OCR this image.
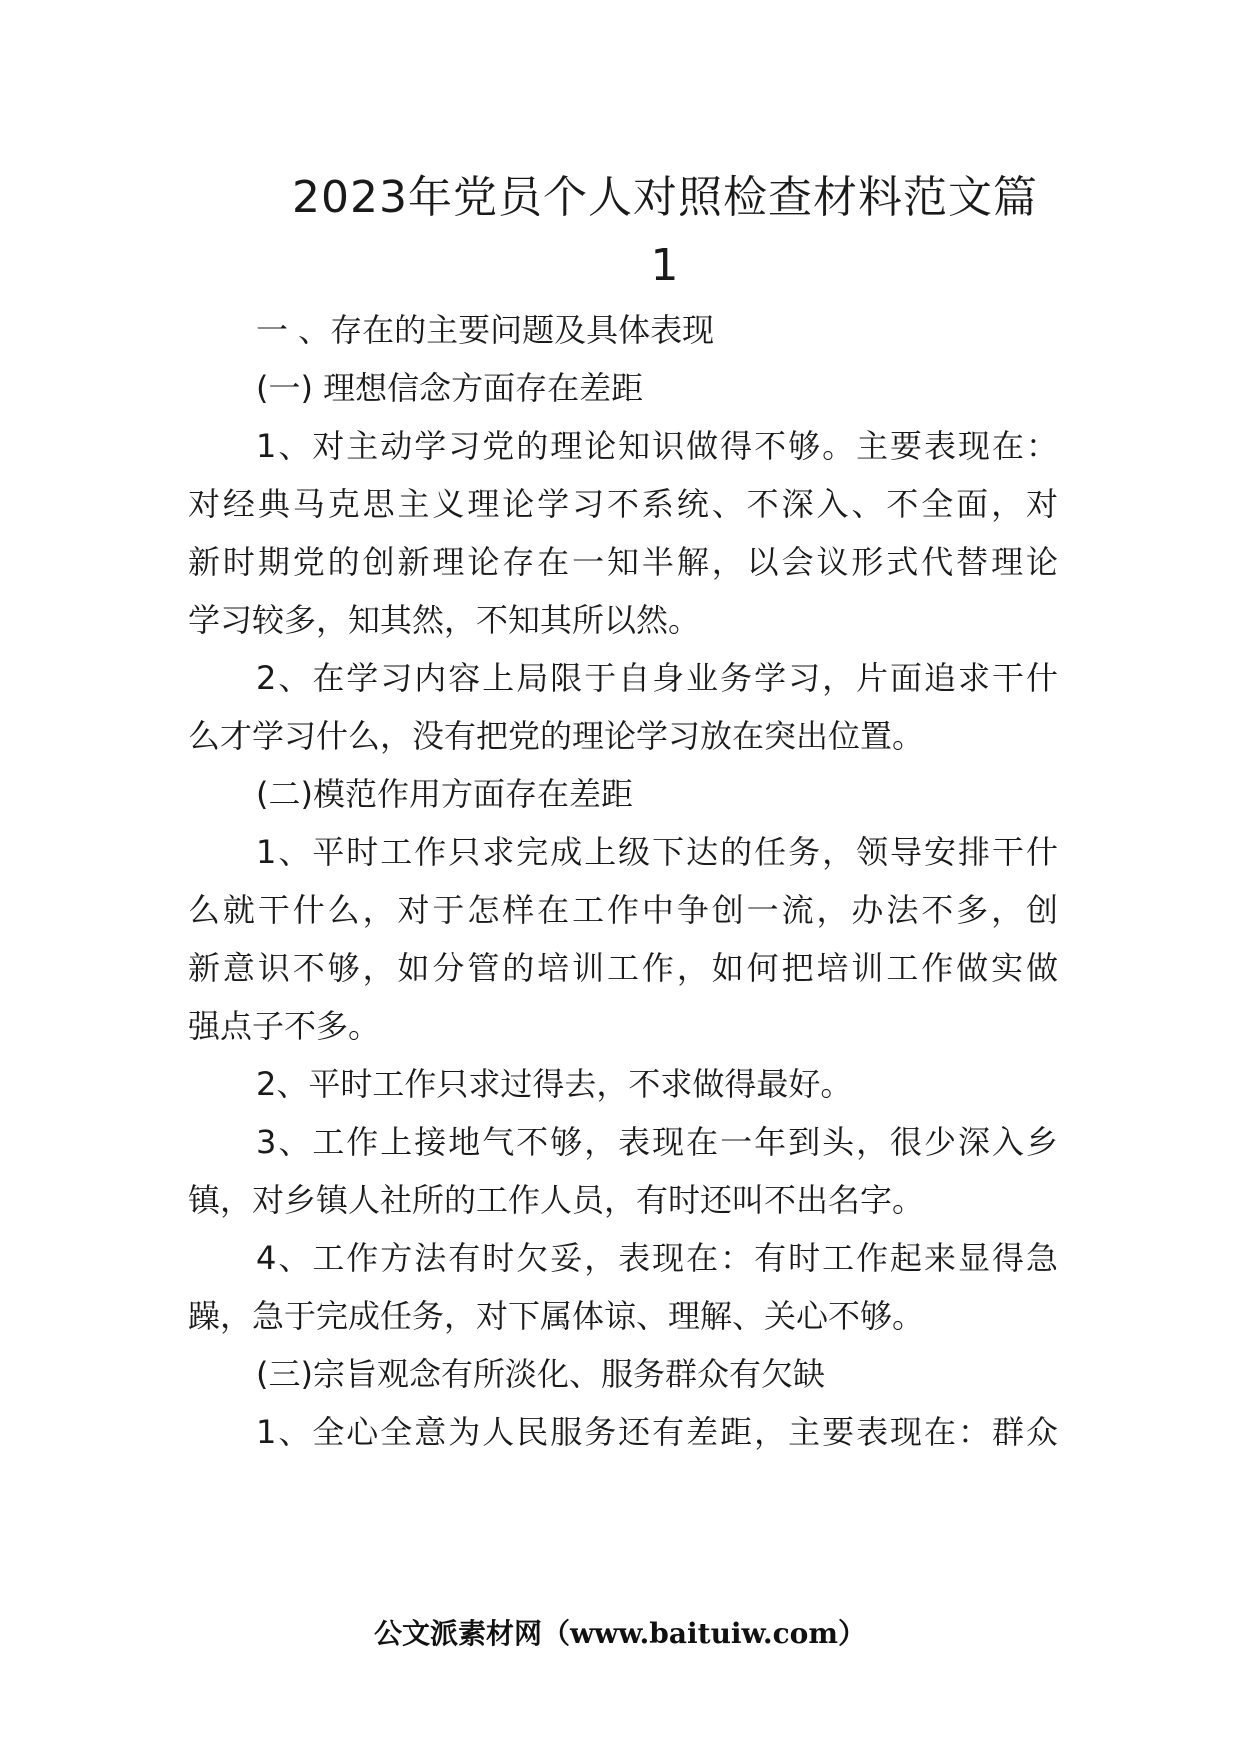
2023年党员个人对照检查材料范文篇
1
一 、存在的主要问题及具体表现
(一) 理想信念方面存在差距
1、对主动学习党的理论知识做得不够。主要表现在：
对经典马克思主义理论学习不系统、不深入、不全面，对
新时期党的创新理论存在一知半解，以会议形式代替理论
学习较多，知其然，不知其所以然。
2、在学习内容上局限于自身业务学习，片面追求干什
么才学习什么，没有把党的理论学习放在突出位置。
(二)模范作用方面存在差距
1、平时工作只求完成上级下达的任务，领导安排干什
么就干什么，对于怎样在工作中争创一流，办法不多，创
新意识不够，如分管的培训工作，如何把培训工作做实做
强点子不多。
2、平时工作只求过得去，不求做得最好。
3、工作上接地气不够，表现在一年到头，很少深入乡
镇，对乡镇人社所的工作人员，有时还叫不出名字。
4、工作方法有时欠妥，表现在：有时工作起来显得急
躁，急于完成任务，对下属体谅、理解、关心不够。
(三)宗旨观念有所淡化、服务群众有欠缺
1、全心全意为人民服务还有差距，主要表现在：群众
公文派素材网（www.baituiw.com）
